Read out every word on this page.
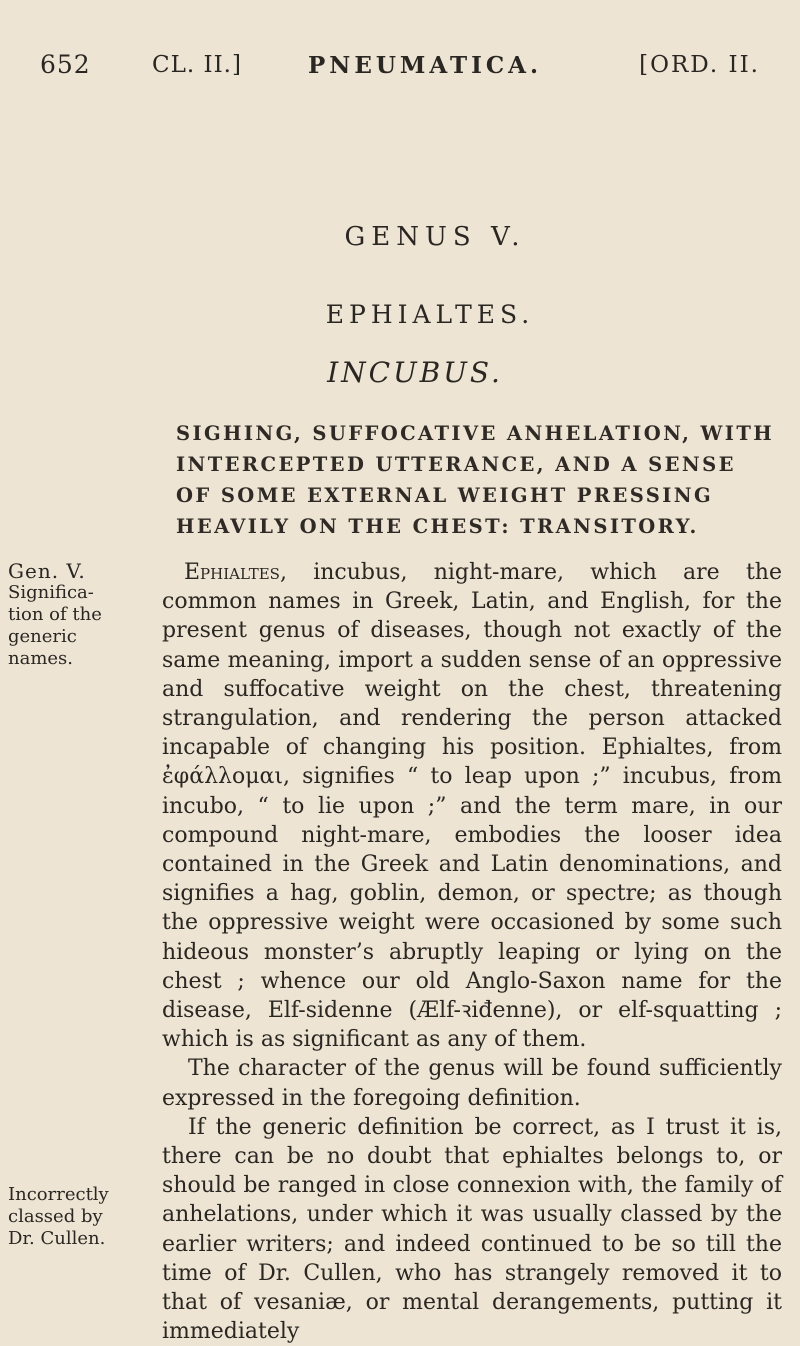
652	CL. II.]	PNEUMATICA.	[ORD. II.
GENUS V.
EPHIALTES.
INCUBUS.
SIGHING, SUFFOCATIVE ANHELATION, WITH INTERCEPTED UTTERANCE, AND A SENSE OF SOME EXTERNAL WEIGHT PRESSING HEAVILY ON THE CHEST: TRANSITORY.
Gen. V.
Significa-tion of the generic names.
Incorrectly classed by Dr. Cullen.

Ephialtes, incubus, night-mare, which are the common names in Greek, Latin, and English, for the present genus of diseases, though not exactly of the same meaning, import a sudden sense of an oppressive and suffocative weight on the chest, threatening strangulation, and rendering the person attacked incapable of changing his position. Ephialtes, from ἐφάλλομαι, signifies “ to leap upon ;” incubus, from incubo, “ to lie upon ;” and the term mare, in our compound night-mare, embodies the looser idea contained in the Greek and Latin denominations, and signifies a hag, goblin, demon, or spectre; as though the oppressive weight were occasioned by some such hideous monster’s abruptly leaping or lying on the chest ; whence our old Anglo-Saxon name for the disease, Elf-sidenne (Ælf-ꝛiđenne), or elf-squatting ; which is as significant as any of them.

The character of the genus will be found sufficiently expressed in the foregoing definition.

If the generic definition be correct, as I trust it is, there can be no doubt that ephialtes belongs to, or should be ranged in close connexion with, the family of anhelations, under which it was usually classed by the earlier writers; and indeed continued to be so till the time of Dr. Cullen, who has strangely removed it to that of vesaniæ, or mental derangements, putting it immediately
